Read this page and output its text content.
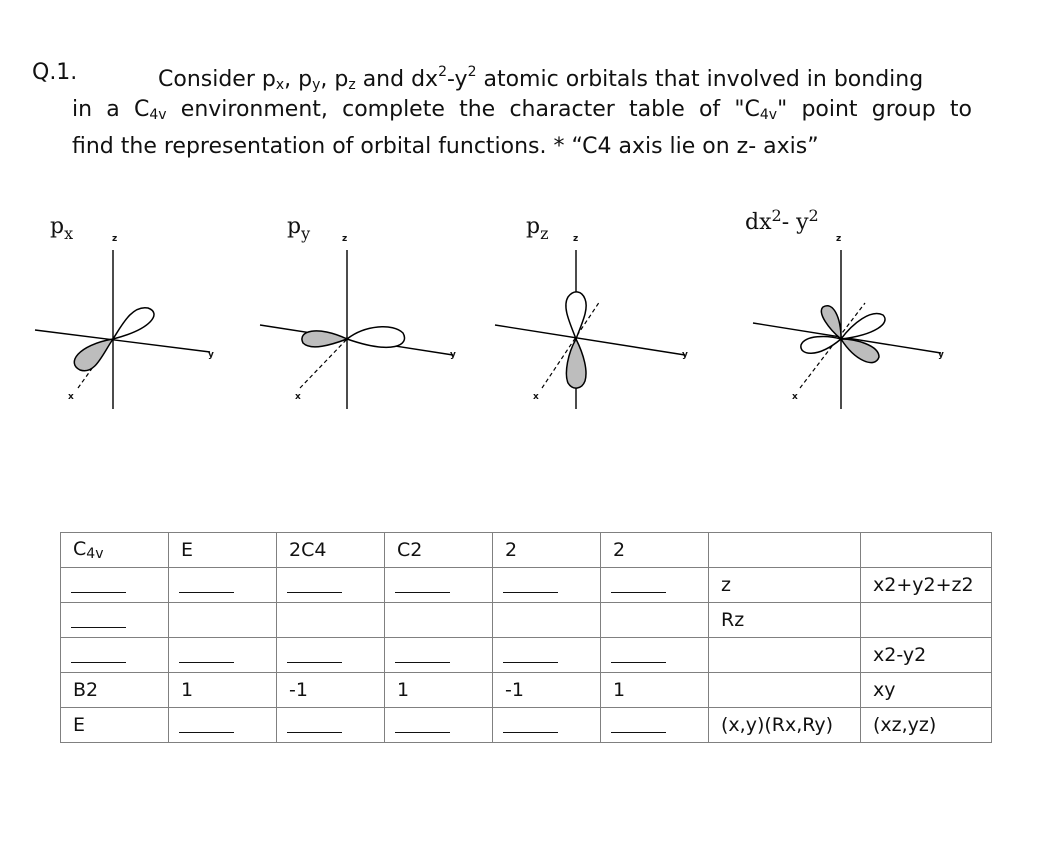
Q.1.	Consider $p_x$, $p_y$, $p_z$ and $dx^2-y^2$ atomic orbitals that involved in bonding
in a $C_{4v}$ environment, complete the character table of "$C_{4v}$" point group to
find the representation of orbital functions. * “C4 axis lie on z- axis”
$p_x$	z
y
x
$p_y$	z
y
x
$p_z$	z
y
x
$dx^2-$ $y^2$
z
y
x
$C_{4v}$	E	2C4	C2	2	2		
						z	x2+y2+z2
						Rz	
							x2-y2
B2	1	-1	1	-1	1		xy
E						(x,y)(Rx,Ry)	(xz,yz)
